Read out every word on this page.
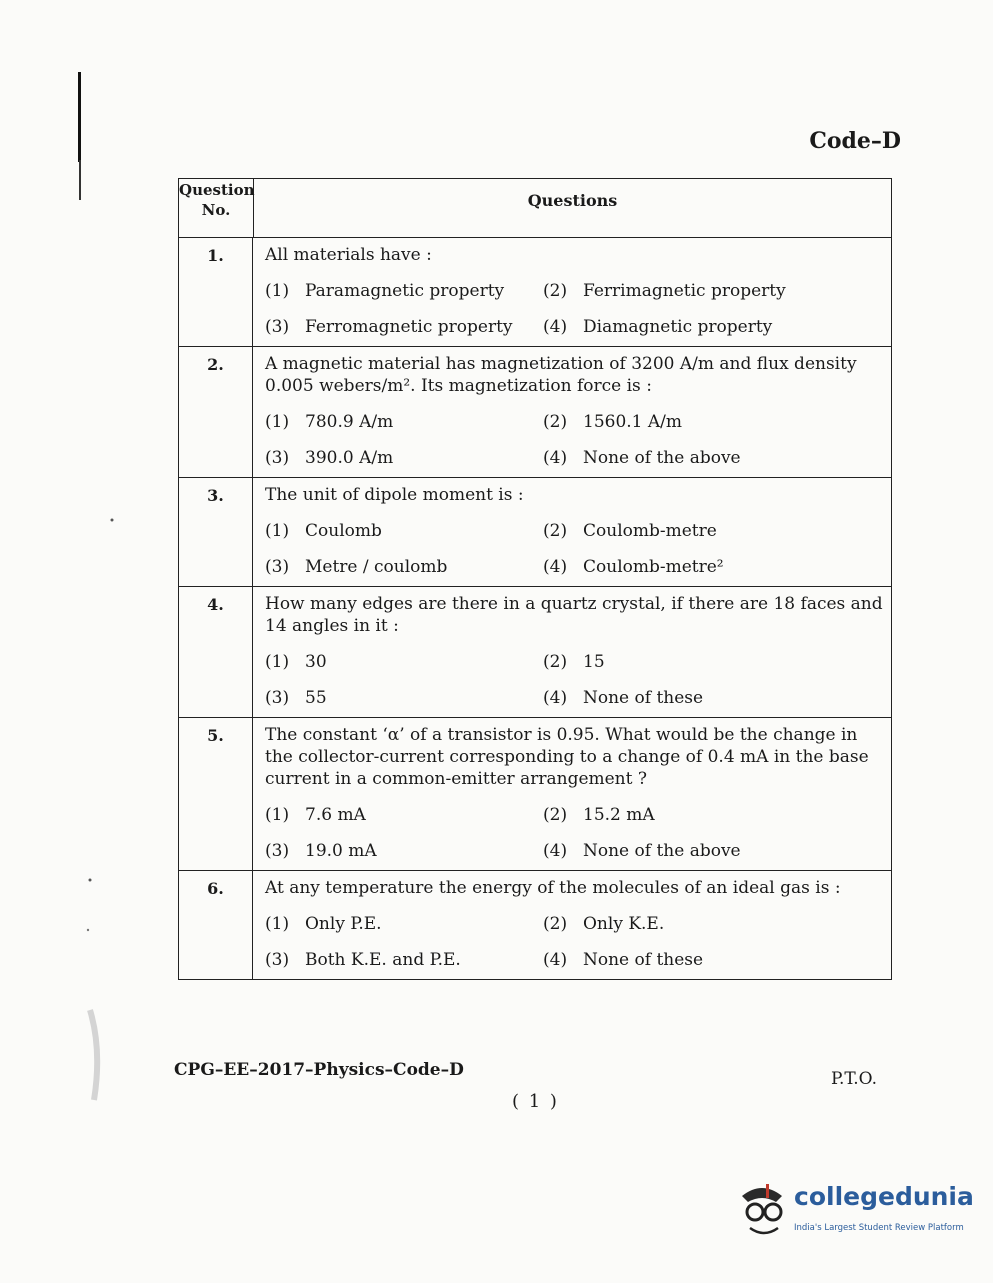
Code–D
Question No.	Questions
1.	All materials have :
(1) Paramagnetic property (2) Ferrimagnetic property
(3) Ferromagnetic property (4) Diamagnetic property
2.	A magnetic material has magnetization of 3200 A/m and flux density 0.005 webers/m². Its magnetization force is :
(1) 780.9 A/m	(2) 1560.1 A/m
(3) 390.0 A/m	(4) None of the above
3.	The unit of dipole moment is :
(1) Coulomb	(2) Coulomb-metre
(3) Metre / coulomb	(4) Coulomb-metre²
4.	How many edges are there in a quartz crystal, if there are 18 faces and 14 angles in it :
(1) 30	(2) 15
(3) 55	(4) None of these
5.	The constant ‘α’ of a transistor is 0.95. What would be the change in the collector-current corresponding to a change of 0.4 mA in the base current in a common-emitter arrangement ?
(1) 7.6 mA	(2) 15.2 mA
(3) 19.0 mA	(4) None of the above
6.	At any temperature the energy of the molecules of an ideal gas is :
(1) Only P.E.	(2) Only K.E.
(3) Both K.E. and P.E.	(4) None of these
CPG–EE–2017–Physics–Code–D	P.T.O.
( 1 )
collegedunia
India's Largest Student Review Platform
